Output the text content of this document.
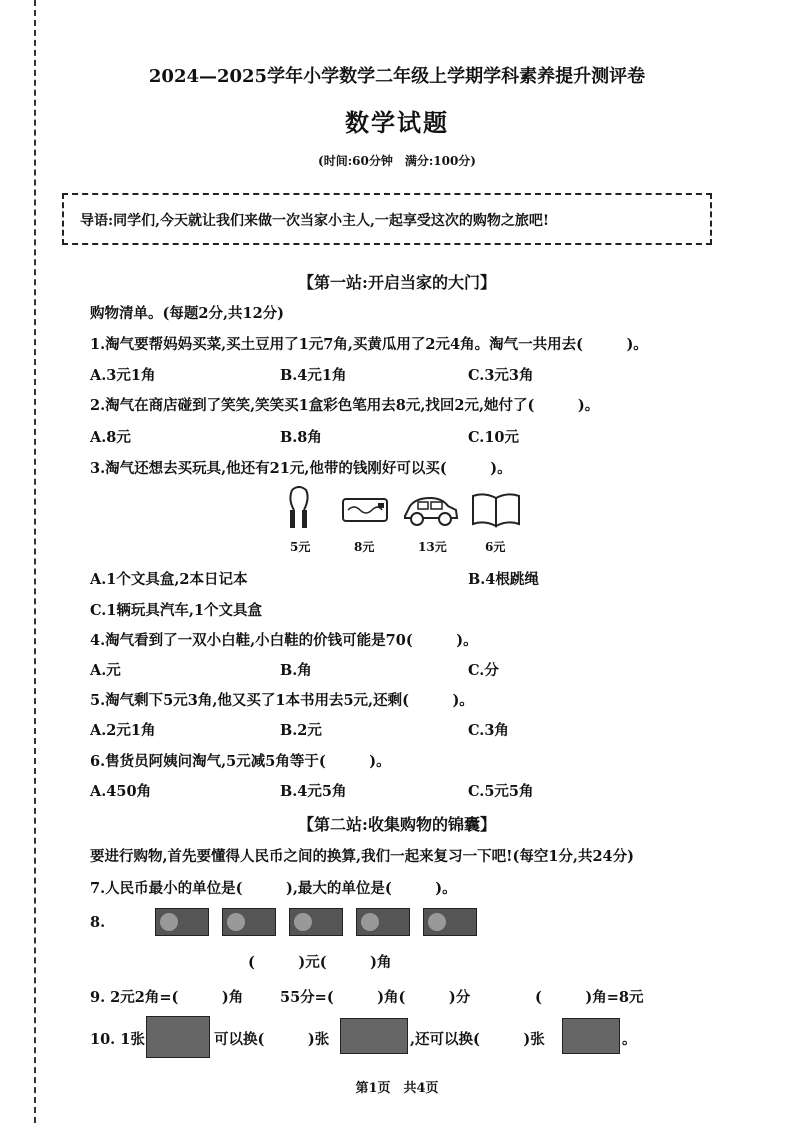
2024—2025学年小学数学二年级上学期学科素养提升测评卷
数学试题
(时间:60分钟　满分:100分)
导语:同学们,今天就让我们来做一次当家小主人,一起享受这次的购物之旅吧!
【第一站:开启当家的大门】
购物清单。(每题2分,共12分)
1.淘气要帮妈妈买菜,买土豆用了1元7角,买黄瓜用了2元4角。淘气一共用去(　　　)。
A.3元1角	B.4元1角	C.3元3角
2.淘气在商店碰到了笑笑,笑笑买1盒彩色笔用去8元,找回2元,她付了(　　　)。
A.8元	B.8角	C.10元
3.淘气还想去买玩具,他还有21元,他带的钱刚好可以买(　　　)。
5元	8元	13元	6元
A.1个文具盒,2本日记本	B.4根跳绳
C.1辆玩具汽车,1个文具盒
4.淘气看到了一双小白鞋,小白鞋的价钱可能是70(　　　)。
A.元	B.角	C.分
5.淘气剩下5元3角,他又买了1本书用去5元,还剩(　　　)。
A.2元1角	B.2元	C.3角
6.售货员阿姨问淘气,5元减5角等于(　　　)。
A.450角	B.4元5角	C.5元5角
【第二站:收集购物的锦囊】
要进行购物,首先要懂得人民币之间的换算,我们一起来复习一下吧!(每空1分,共24分)
7.人民币最小的单位是(　　　),最大的单位是(　　　)。
8.
(　　　)元(　　　)角
9. 2元2角=(　　　)角	55分=(　　　)角(　　　)分	(　　　)角=8元
10. 1张	可以换(　　　)张	,还可以换(　　　)张	。
第1页　共4页
